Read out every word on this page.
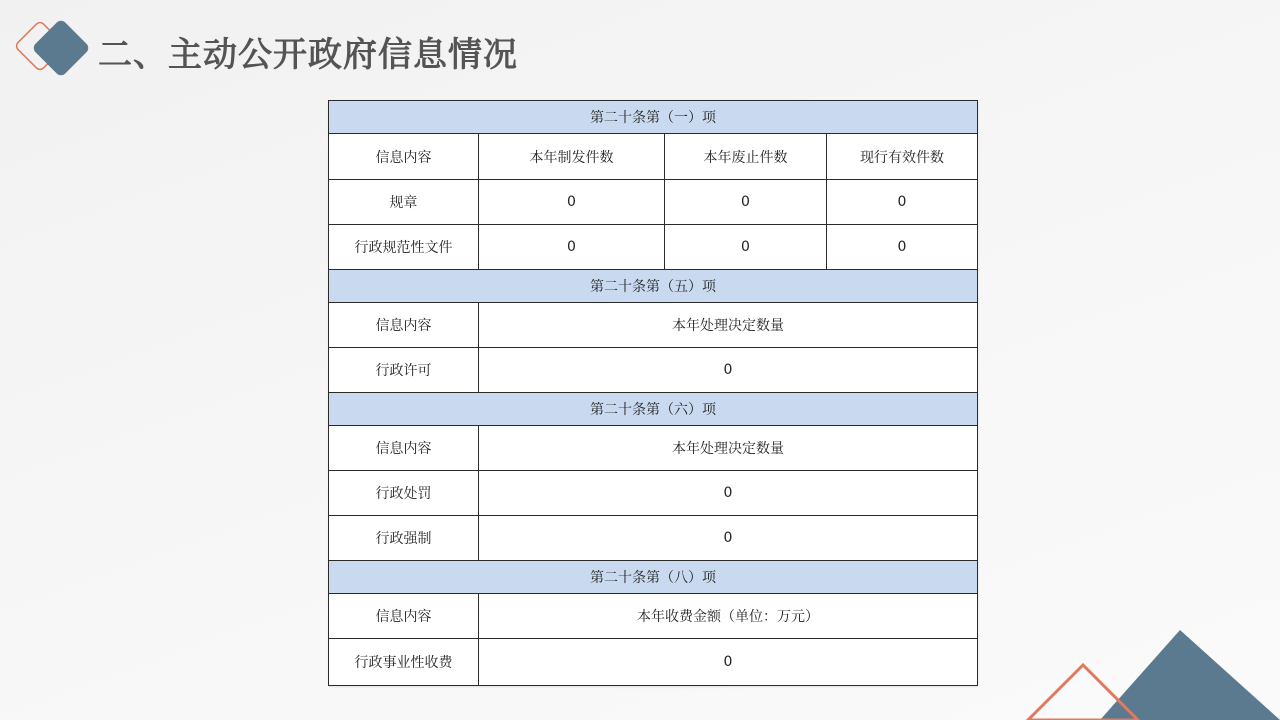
二、主动公开政府信息情况
第二十条第（一）项			
信息内容	本年制发件数	本年废止件数	现行有效件数
规章	0	0	0
行政规范性文件	0	0	0
第二十条第（五）项			
信息内容	本年处理决定数量		
行政许可	0		
第二十条第（六）项			
信息内容	本年处理决定数量		
行政处罚	0		
行政强制	0		
第二十条第（八）项			
信息内容	本年收费金额（单位：万元）		
行政事业性收费	0		
